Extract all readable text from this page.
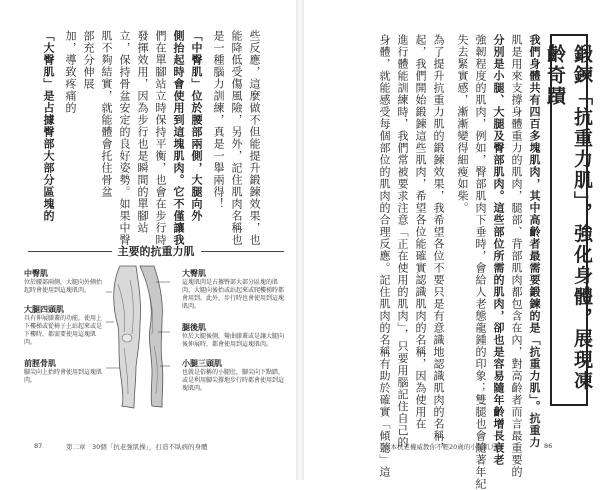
些反應，這麼做不但能提升鍛鍊效果，也
能降低受傷風險，另外，記住肌肉名稱也
是一種腦力訓練，真是一舉兩得！
「中臀肌」位於腰部兩側，大腿向外
側抬起時會使用到這塊肌肉。它不僅讓我
們在單腳站立時保持平衡，也會在步行時
發揮效用，因為步行也是瞬間的單腳站
立，保持骨盆安定的良好姿勢。如果中臀
肌不夠結實，就能體會托住骨盆
部充分伸展
加，導致疼痛的
「大臀肌」是占據臀部大部分區塊的
主要的抗重力肌
中臀肌
位於腰部兩側，大腿向外側抬起時會使用到這塊肌肉。
大腿四頭肌
具有伸展膝蓋的功能，使用上下樓梯或從椅子上站起來或是下樓時，都需要使用這塊肌肉。
前脛骨肌
腳尖向上抬時會使用到這塊肌肉。
大臀肌
這塊肌肉是占據臀部大部分區塊的肌肉，大腿向後抬或站起來或爬樓梯時都會用到。此外，步行時也會使用到這塊肌肉。
腿後肌
位於大腿後側，彎曲膝蓋或是讓大腿向後伸展時，都會使用到這塊肌肉。
小腿三頭肌
也就是俗稱的小腿肚，腳尖向下點踏，或是利用腳尖撐地步行時都會使用到這塊肌肉。
87	第二章　30個「抗老強肌操」，打造不臥病的身體
鍛鍊「抗重力肌」，強化身體，展現凍齡奇蹟
我們身體共有四百多塊肌肉，其中高齡者最需要鍛鍊的是「抗重力肌」。抗重力
肌是用來支撐身體重力的肌肉，腿部、背部肌肉都包含在內，對高齡者而言最重要的
分別是小腿、大腿及臀部肌肉。這些部位所需的肌肉，卻也是容易隨年齡增長衰老
強韌程度的肌肉，例如，臀部肌肉下垂時，會給人老態龍鍾的印象；雙腿也會隨著年紀
失去緊實感，漸漸變得細瘦如柴。
為了提升抗重力肌的鍛鍊效果，我希望各位不要只是有意識地認識肌肉的名稱，
起，我們開始鍛鍊這些肌肉，希望各位能確實認識肌肉的名稱，因為使用在
進行體能訓練時，我們常被要求注意「正在使用的肌肉」，只要用腦記住自己的
身體，就能感受每個部位的肌肉的合理反應。記住肌肉的名稱有助於確實「傾聽」這
日本抗老權威教你不輕20歲的小腿肌力操	86
